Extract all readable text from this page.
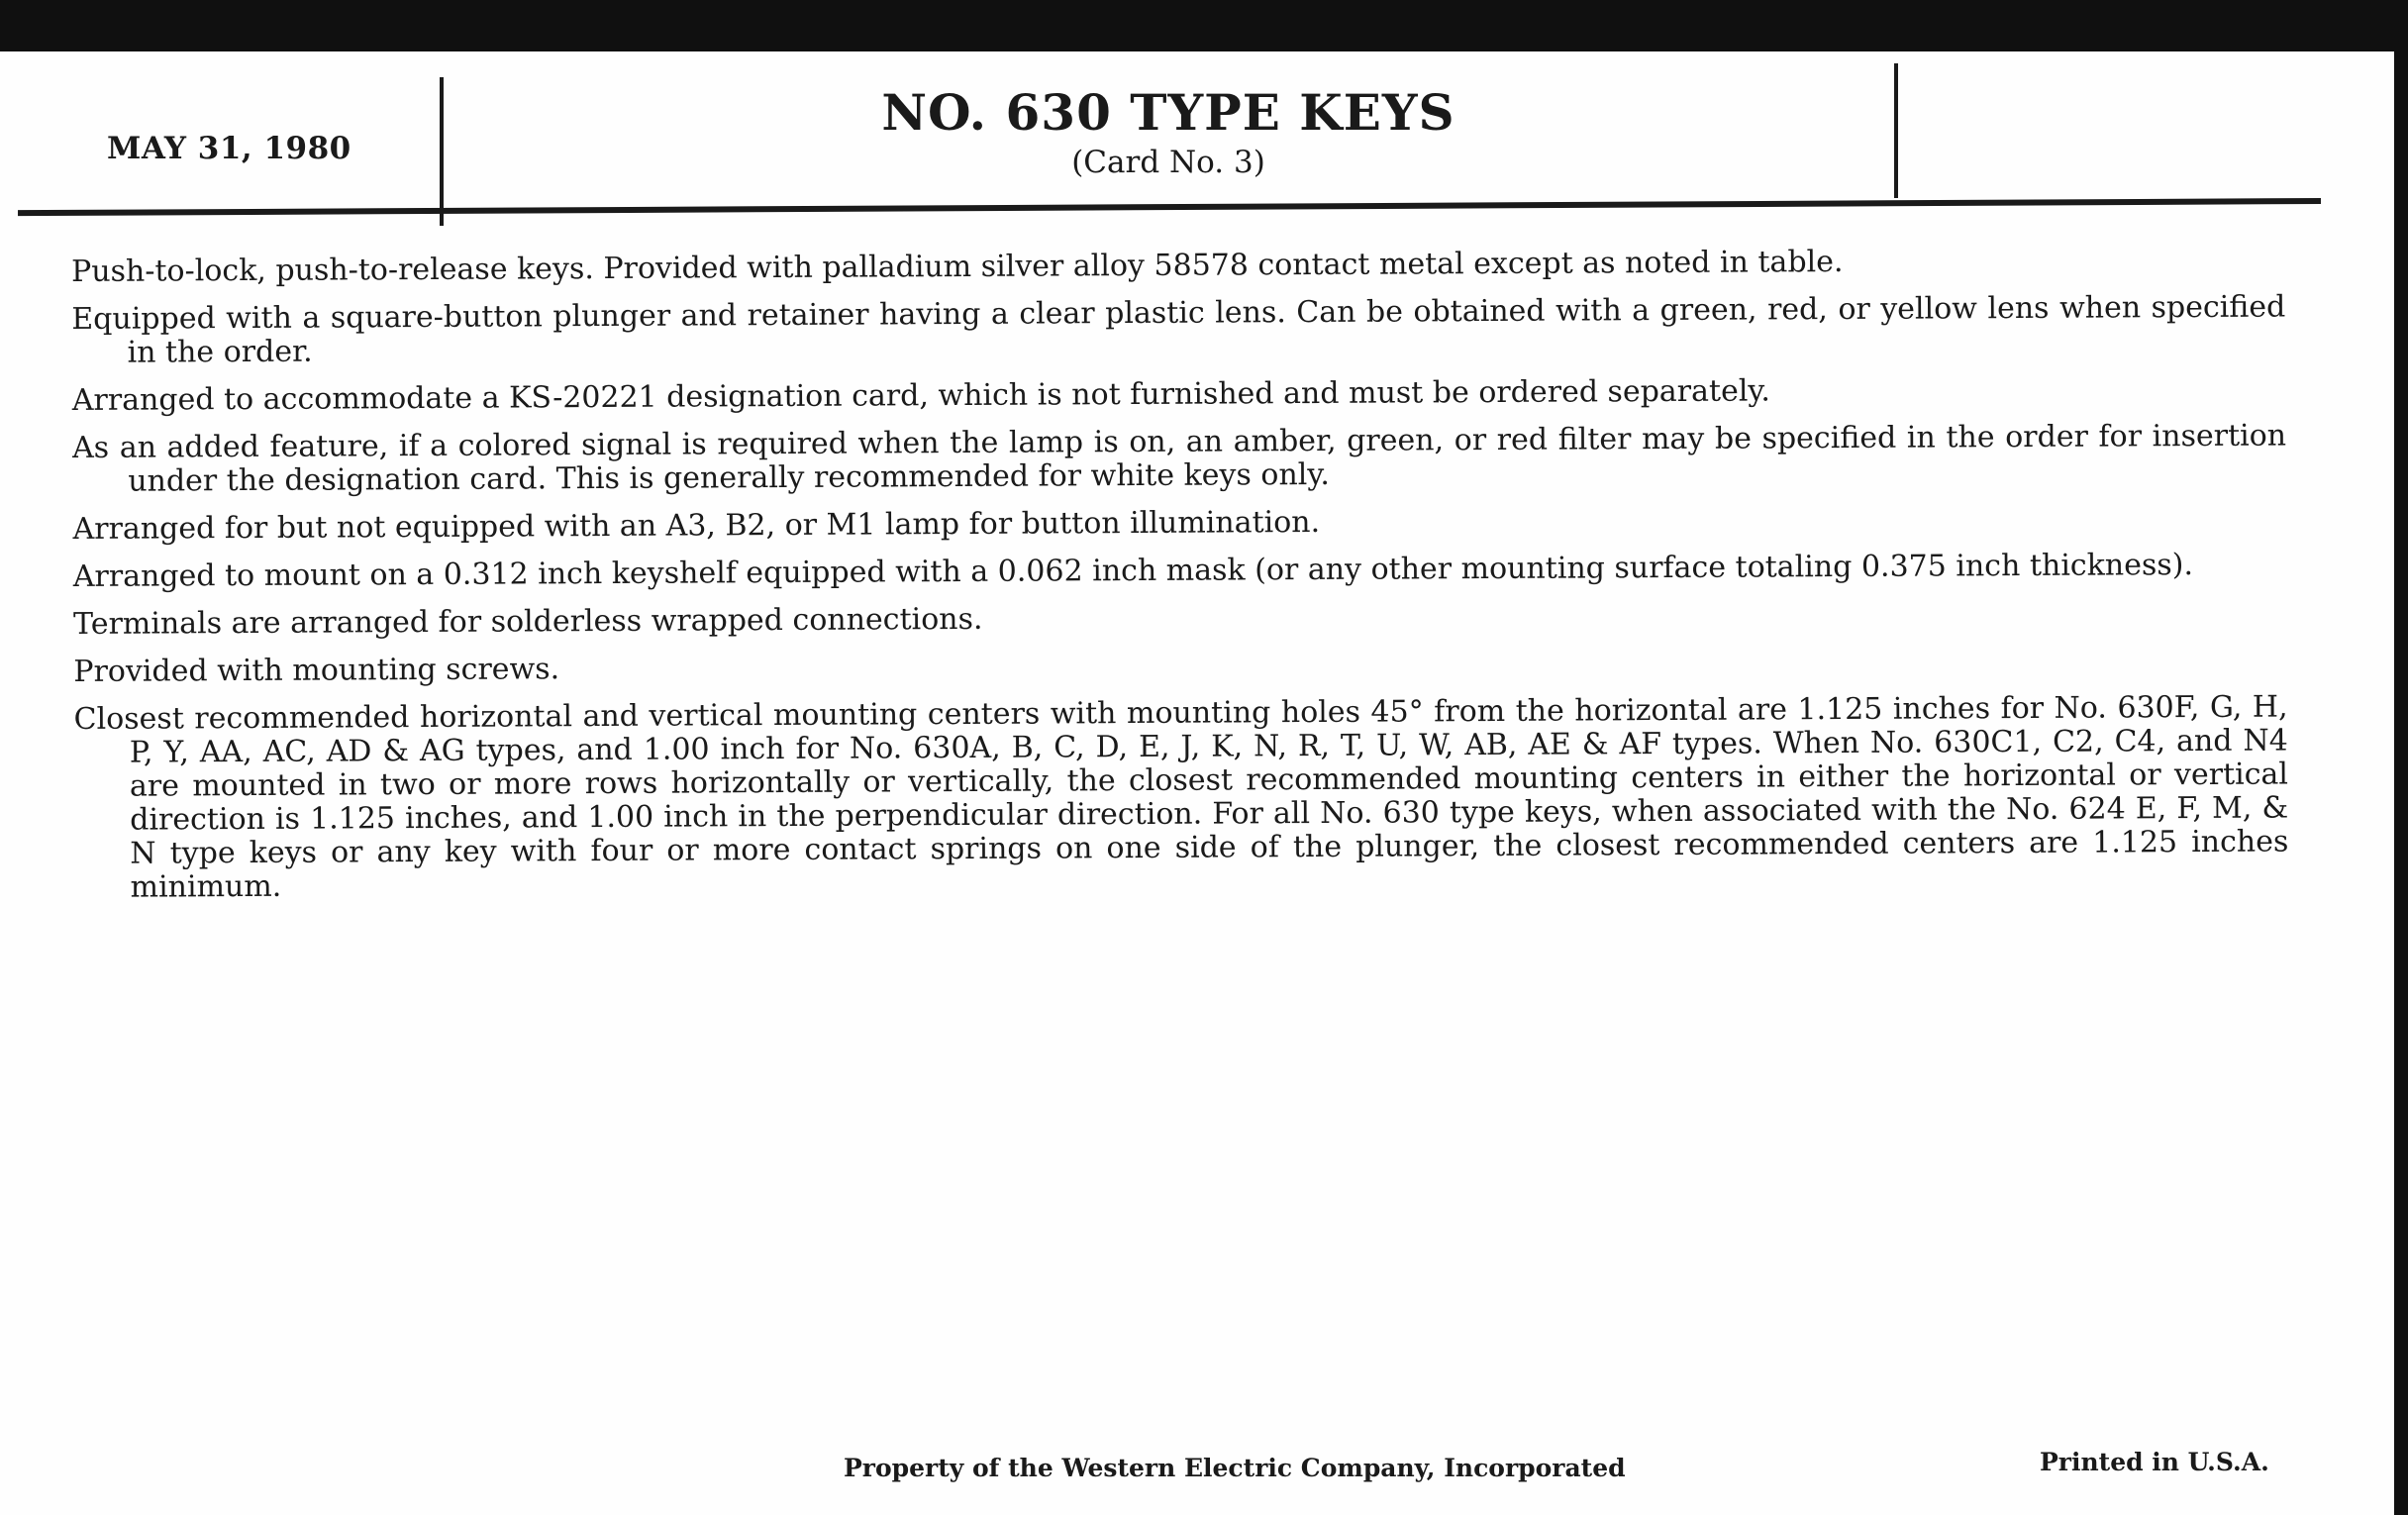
MAY 31, 1980
NO. 630 TYPE KEYS
(Card No. 3)

Push-to-lock, push-to-release keys. Provided with palladium silver alloy 58578 contact metal except as noted in table.

Equipped with a square-button plunger and retainer having a clear plastic lens. Can be obtained with a green, red, or yellow lens when specified in the order.

Arranged to accommodate a KS-20221 designation card, which is not furnished and must be ordered separately.

As an added feature, if a colored signal is required when the lamp is on, an amber, green, or red filter may be specified in the order for insertion under the designation card. This is generally recommended for white keys only.

Arranged for but not equipped with an A3, B2, or M1 lamp for button illumination.

Arranged to mount on a 0.312 inch keyshelf equipped with a 0.062 inch mask (or any other mounting surface totaling 0.375 inch thickness).

Terminals are arranged for solderless wrapped connections.

Provided with mounting screws.

Closest recommended horizontal and vertical mounting centers with mounting holes 45° from the horizontal are 1.125 inches for No. 630F, G, H, P, Y, AA, AC, AD & AG types, and 1.00 inch for No. 630A, B, C, D, E, J, K, N, R, T, U, W, AB, AE & AF types. When No. 630C1, C2, C4, and N4 are mounted in two or more rows horizontally or vertically, the closest recommended mounting centers in either the horizontal or vertical direction is 1.125 inches, and 1.00 inch in the perpendicular direction. For all No. 630 type keys, when associated with the No. 624 E, F, M, & N type keys or any key with four or more contact springs on one side of the plunger, the closest recommended centers are 1.125 inches minimum.

Property of the Western Electric Company, Incorporated	Printed in U.S.A.
